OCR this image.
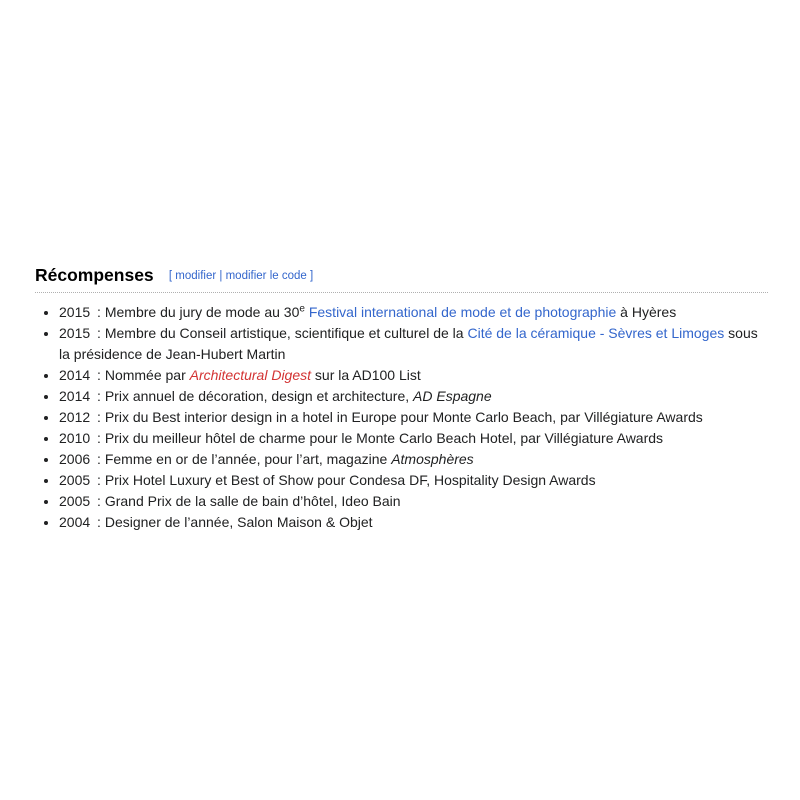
Récompenses [ modifier | modifier le code ]
• 2015 : Membre du jury de mode au 30e Festival international de mode et de photographie à Hyères
• 2015 : Membre du Conseil artistique, scientifique et culturel de la Cité de la céramique - Sèvres et Limoges sous la présidence de Jean-Hubert Martin
• 2014 : Nommée par Architectural Digest sur la AD100 List
• 2014 : Prix annuel de décoration, design et architecture, AD Espagne
• 2012 : Prix du Best interior design in a hotel in Europe pour Monte Carlo Beach, par Villégiature Awards
• 2010 : Prix du meilleur hôtel de charme pour le Monte Carlo Beach Hotel, par Villégiature Awards
• 2006 : Femme en or de l’année, pour l’art, magazine Atmosphères
• 2005 : Prix Hotel Luxury et Best of Show pour Condesa DF, Hospitality Design Awards
• 2005 : Grand Prix de la salle de bain d’hôtel, Ideo Bain
• 2004 : Designer de l’année, Salon Maison & Objet
